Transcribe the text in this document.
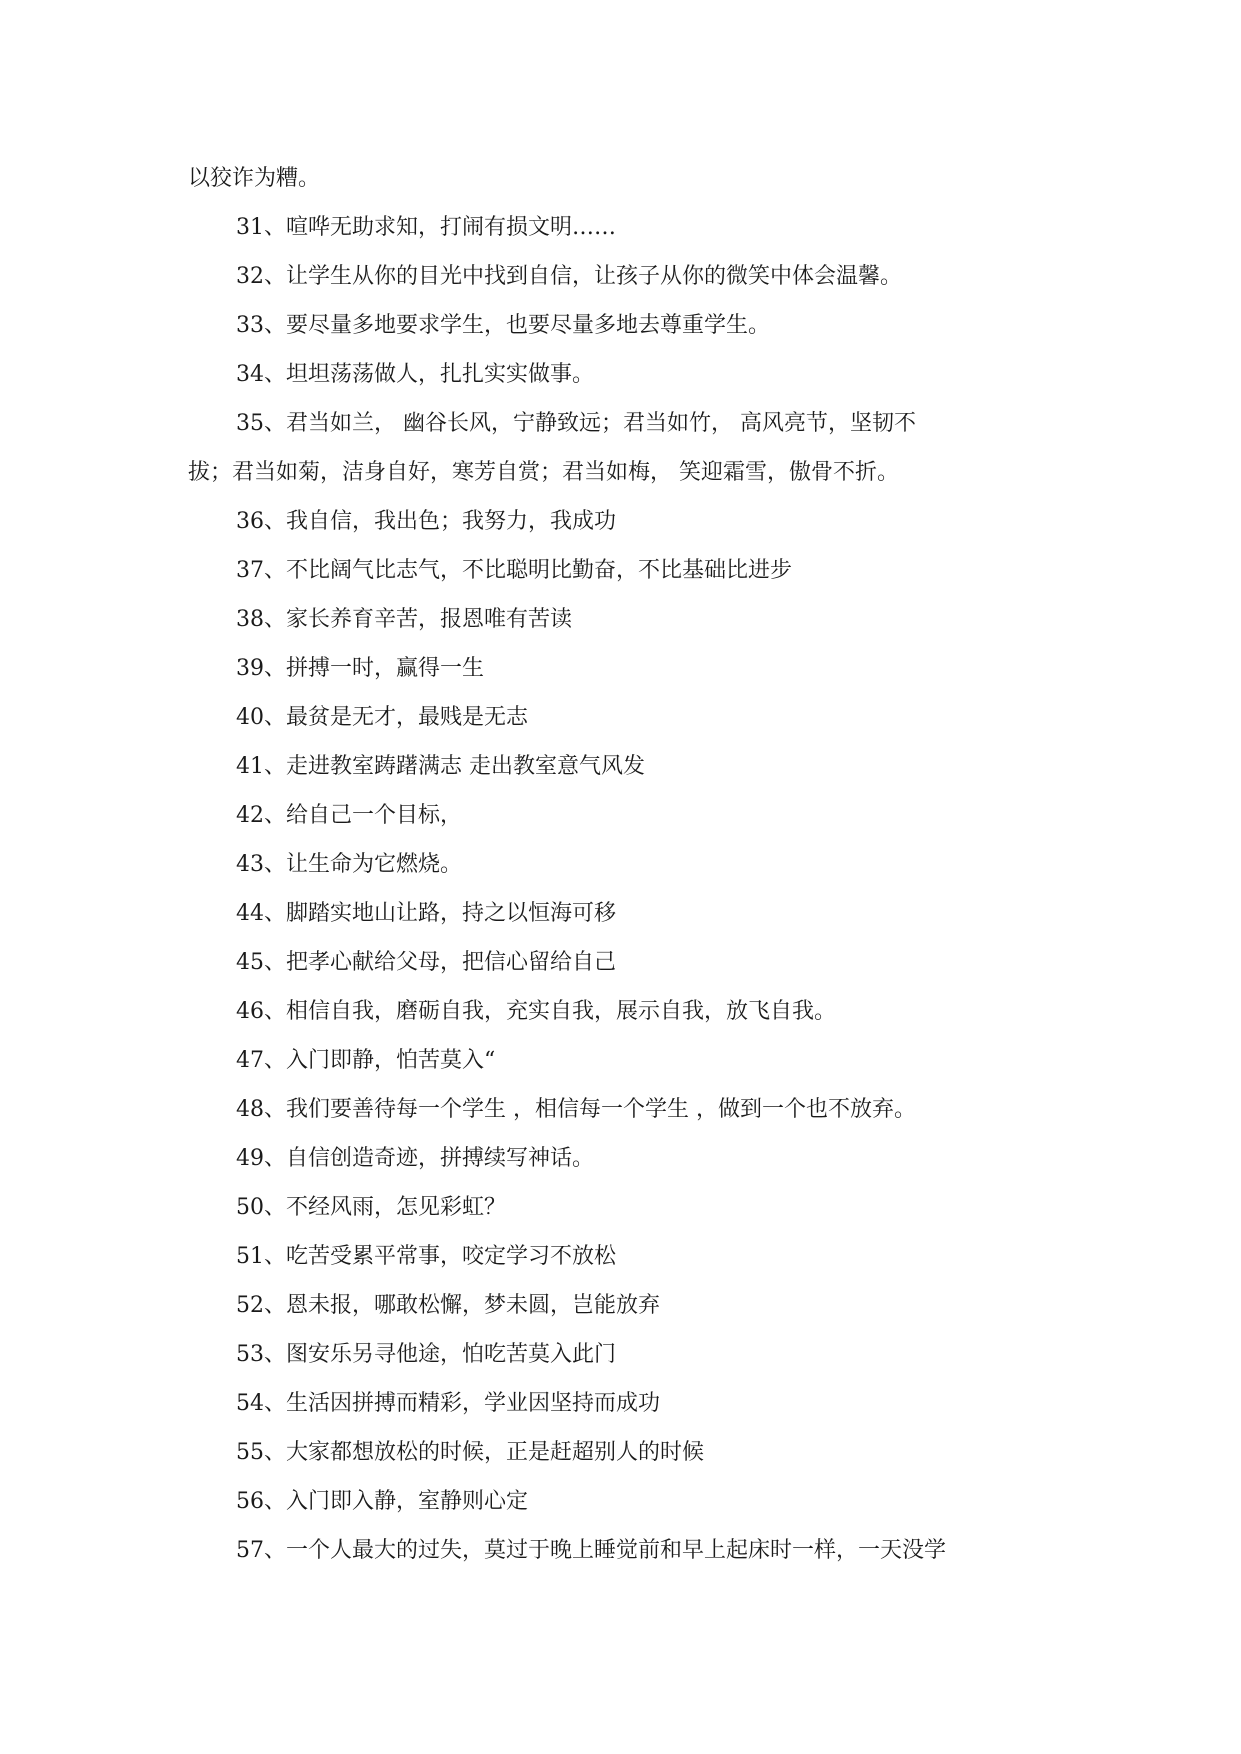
以狡诈为糟。
31、喧哗无助求知，打闹有损文明……
32、让学生从你的目光中找到自信，让孩子从你的微笑中体会温馨。
33、要尽量多地要求学生，也要尽量多地去尊重学生。
34、坦坦荡荡做人，扎扎实实做事。
35、君当如兰， 幽谷长风，宁静致远；君当如竹， 高风亮节，坚韧不
拔；君当如菊，洁身自好，寒芳自赏；君当如梅， 笑迎霜雪，傲骨不折。
36、我自信，我出色；我努力，我成功
37、不比阔气比志气，不比聪明比勤奋，不比基础比进步
38、家长养育辛苦，报恩唯有苦读
39、拼搏一时，赢得一生
40、最贫是无才，最贱是无志
41、走进教室踌躇满志 走出教室意气风发
42、给自己一个目标，
43、让生命为它燃烧。
44、脚踏实地山让路，持之以恒海可移
45、把孝心献给父母，把信心留给自己
46、相信自我，磨砺自我，充实自我，展示自我，放飞自我。
47、入门即静，怕苦莫入“
48、我们要善待每一个学生 ，相信每一个学生 ，做到一个也不放弃。
49、自信创造奇迹，拼搏续写神话。
50、不经风雨，怎见彩虹？
51、吃苦受累平常事，咬定学习不放松
52、恩未报，哪敢松懈，梦未圆，岂能放弃
53、图安乐另寻他途，怕吃苦莫入此门
54、生活因拼搏而精彩，学业因坚持而成功
55、大家都想放松的时候，正是赶超别人的时候
56、入门即入静，室静则心定
57、一个人最大的过失，莫过于晚上睡觉前和早上起床时一样，一天没学
